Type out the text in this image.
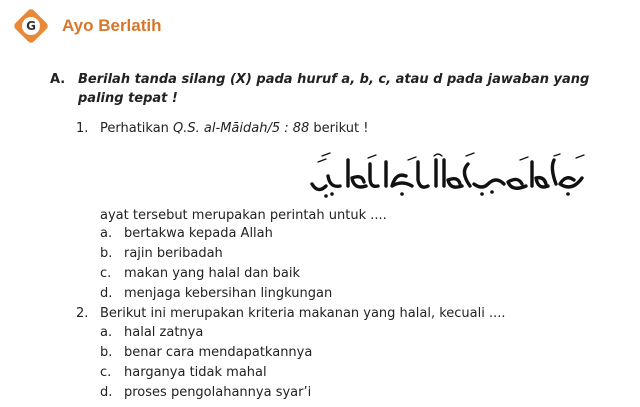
G Ayo Berlatih
A. Berilah tanda silang (X) pada huruf a, b, c, atau d pada jawaban yang paling tepat !
1. Perhatikan Q.S. al-Māidah/5 : 88 berikut !
ayat tersebut merupakan perintah untuk ....
a. bertakwa kepada Allah
b. rajin beribadah
c. makan yang halal dan baik
d. menjaga kebersihan lingkungan
2. Berikut ini merupakan kriteria makanan yang halal, kecuali ....
a. halal zatnya
b. benar cara mendapatkannya
c. harganya tidak mahal
d. proses pengolahannya syar’i
